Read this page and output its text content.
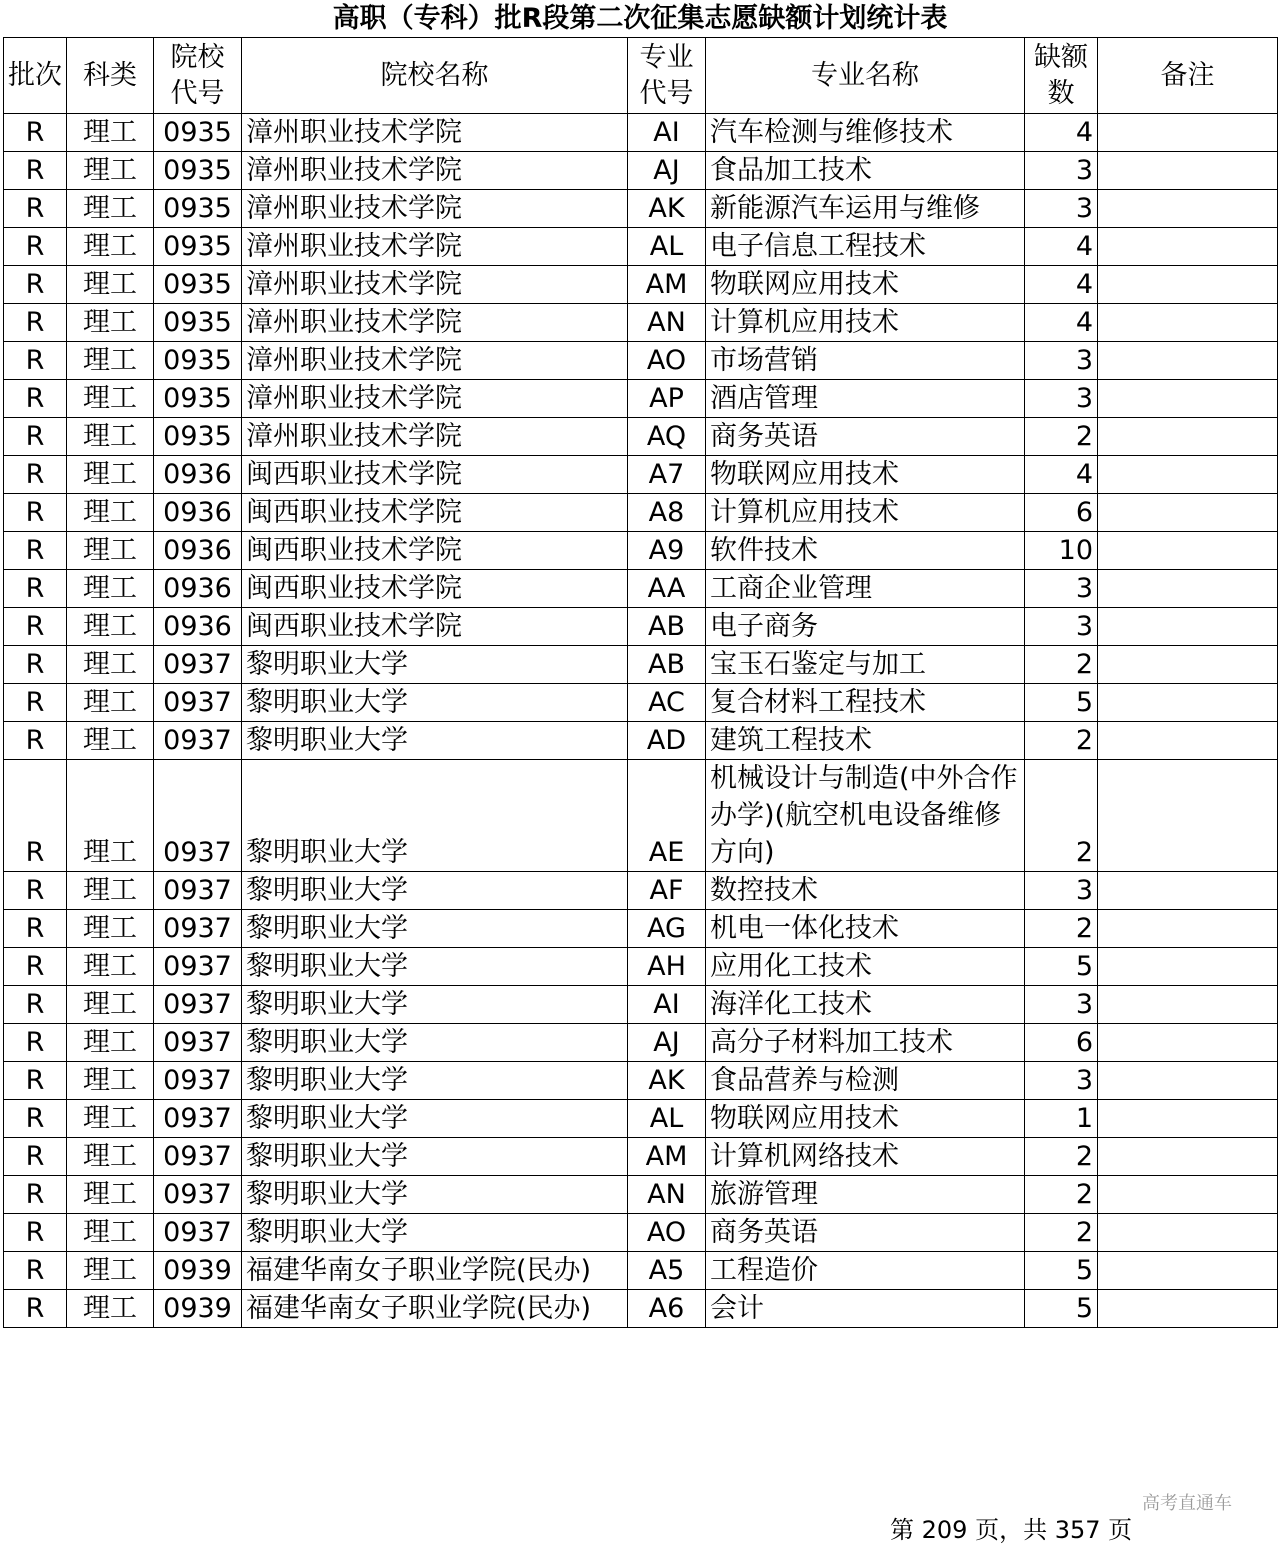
高职（专科）批R段第二次征集志愿缺额计划统计表
批次	科类	院校代号	院校名称	专业代号	专业名称	缺额数	备注
R	理工	0935	漳州职业技术学院	AI	汽车检测与维修技术	4	
R	理工	0935	漳州职业技术学院	AJ	食品加工技术	3	
R	理工	0935	漳州职业技术学院	AK	新能源汽车运用与维修	3	
R	理工	0935	漳州职业技术学院	AL	电子信息工程技术	4	
R	理工	0935	漳州职业技术学院	AM	物联网应用技术	4	
R	理工	0935	漳州职业技术学院	AN	计算机应用技术	4	
R	理工	0935	漳州职业技术学院	AO	市场营销	3	
R	理工	0935	漳州职业技术学院	AP	酒店管理	3	
R	理工	0935	漳州职业技术学院	AQ	商务英语	2	
R	理工	0936	闽西职业技术学院	A7	物联网应用技术	4	
R	理工	0936	闽西职业技术学院	A8	计算机应用技术	6	
R	理工	0936	闽西职业技术学院	A9	软件技术	10	
R	理工	0936	闽西职业技术学院	AA	工商企业管理	3	
R	理工	0936	闽西职业技术学院	AB	电子商务	3	
R	理工	0937	黎明职业大学	AB	宝玉石鉴定与加工	2	
R	理工	0937	黎明职业大学	AC	复合材料工程技术	5	
R	理工	0937	黎明职业大学	AD	建筑工程技术	2	
R	理工	0937	黎明职业大学	AE	机械设计与制造(中外合作办学)(航空机电设备维修方向)	2	
R	理工	0937	黎明职业大学	AF	数控技术	3	
R	理工	0937	黎明职业大学	AG	机电一体化技术	2	
R	理工	0937	黎明职业大学	AH	应用化工技术	5	
R	理工	0937	黎明职业大学	AI	海洋化工技术	3	
R	理工	0937	黎明职业大学	AJ	高分子材料加工技术	6	
R	理工	0937	黎明职业大学	AK	食品营养与检测	3	
R	理工	0937	黎明职业大学	AL	物联网应用技术	1	
R	理工	0937	黎明职业大学	AM	计算机网络技术	2	
R	理工	0937	黎明职业大学	AN	旅游管理	2	
R	理工	0937	黎明职业大学	AO	商务英语	2	
R	理工	0939	福建华南女子职业学院(民办)	A5	工程造价	5	
R	理工	0939	福建华南女子职业学院(民办)	A6	会计	5	
高考直通车
第 209 页，共 357 页
